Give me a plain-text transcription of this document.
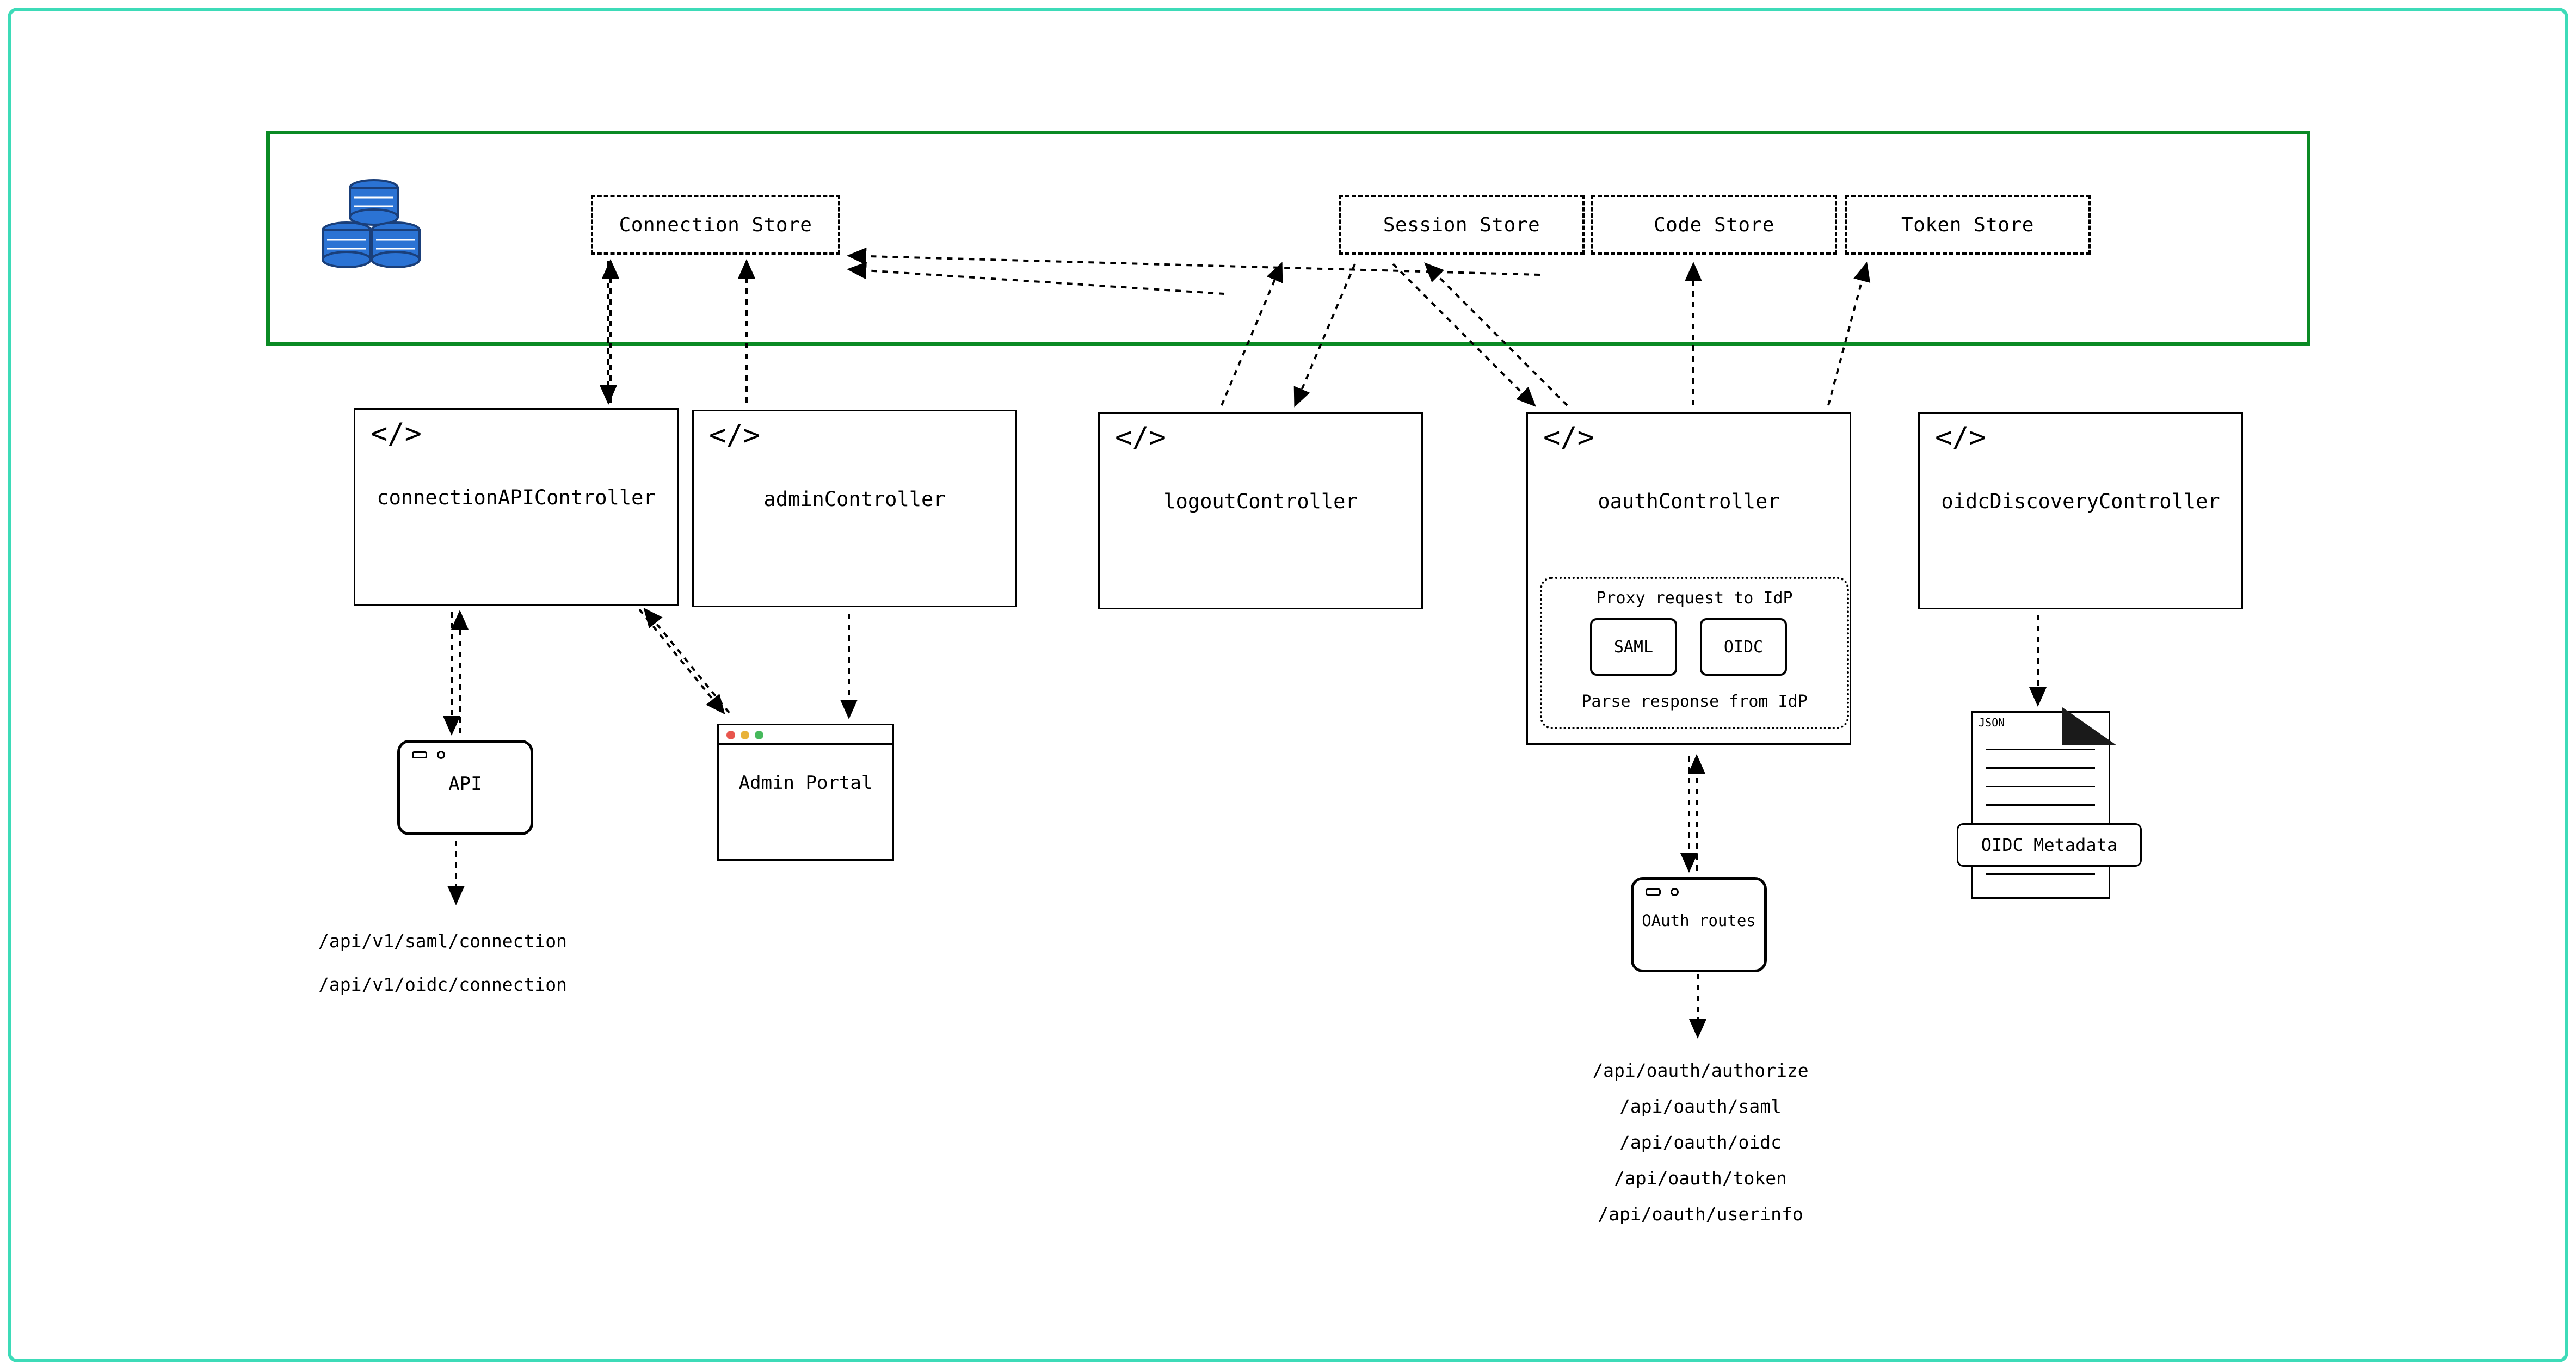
Connection Store	Session Store	Code Store	Token Store
</>
connectionAPIController
</>
adminController
</>
logoutController
</>
oauthController
</>
oidcDiscoveryController
Proxy request to IdP
SAML	OIDC
Parse response from IdP
API	Admin Portal
OAuth routes
JSON
OIDC Metadata
/api/v1/saml/connection
/api/v1/oidc/connection
/api/oauth/authorize
/api/oauth/saml
/api/oauth/oidc
/api/oauth/token
/api/oauth/userinfo
